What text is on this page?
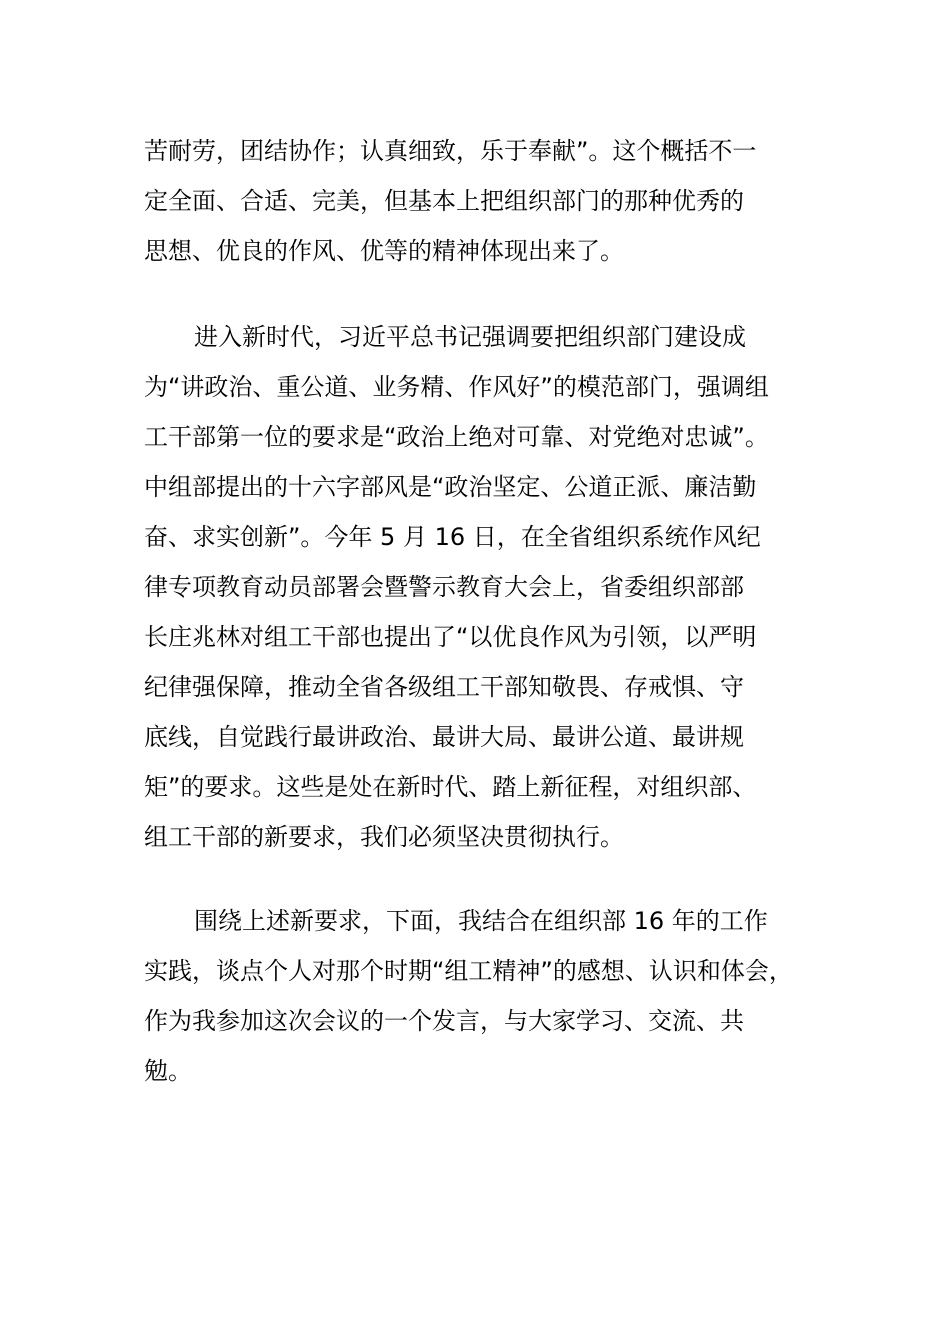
苦耐劳，团结协作；认真细致，乐于奉献”。这个概括不一

定全面、合适、完美，但基本上把组织部门的那种优秀的

思想、优良的作风、优等的精神体现出来了。

进入新时代，习近平总书记强调要把组织部门建设成

为“讲政治、重公道、业务精、作风好”的模范部门，强调组

工干部第一位的要求是“政治上绝对可靠、对党绝对忠诚”。

中组部提出的十六字部风是“政治坚定、公道正派、廉洁勤

奋、求实创新”。今年 5 月 16 日，在全省组织系统作风纪

律专项教育动员部署会暨警示教育大会上，省委组织部部

长庄兆林对组工干部也提出了“以优良作风为引领，以严明

纪律强保障，推动全省各级组工干部知敬畏、存戒惧、守

底线，自觉践行最讲政治、最讲大局、最讲公道、最讲规

矩”的要求。这些是处在新时代、踏上新征程，对组织部、

组工干部的新要求，我们必须坚决贯彻执行。

围绕上述新要求，下面，我结合在组织部 16 年的工作

实践，谈点个人对那个时期“组工精神”的感想、认识和体会，

作为我参加这次会议的一个发言，与大家学习、交流、共

勉。
